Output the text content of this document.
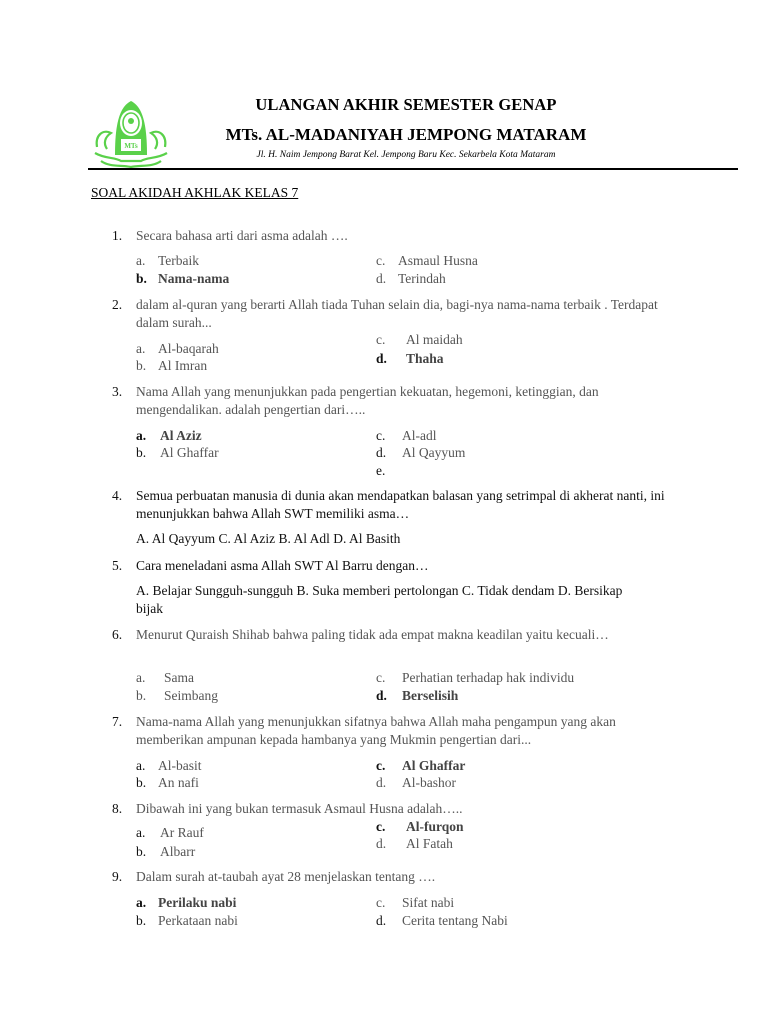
MTs
ULANGAN AKHIR SEMESTER GENAP
MTs. AL-MADANIYAH JEMPONG MATARAM
Jl. H. Naim Jempong Barat Kel. Jempong Baru Kec. Sekarbela Kota Mataram
SOAL AKIDAH AKHLAK KELAS 7
1.	Secara bahasa arti dari asma adalah ….
a. Terbaik
b. Nama-nama
c. Asmaul Husna
d. Terindah
2.	dalam al-quran yang berarti Allah tiada Tuhan selain dia, bagi-nya nama-nama terbaik . Terdapat dalam surah...
a. Al-baqarah
b. Al Imran
c. Al maidah
d. Thaha
3.	Nama Allah yang menunjukkan pada pengertian kekuatan, hegemoni, ketinggian, dan mengendalikan. adalah pengertian dari…..
a. Al Aziz
b. Al Ghaffar
c. Al-adl
d. Al Qayyum
e.
4.	Semua perbuatan manusia di dunia akan mendapatkan balasan yang setrimpal di akherat nanti, ini menunjukkan bahwa Allah SWT memiliki asma…
A. Al Qayyum C. Al Aziz B. Al Adl D. Al Basith
5.	Cara meneladani asma Allah SWT Al Barru dengan…
A. Belajar Sungguh-sungguh B. Suka memberi pertolongan C. Tidak dendam D. Bersikap bijak
6.	Menurut Quraish Shihab bahwa paling tidak ada empat makna keadilan yaitu kecuali…
a. Sama
b. Seimbang
c. Perhatian terhadap hak individu
d. Berselisih
7.	Nama-nama Allah yang menunjukkan sifatnya bahwa Allah maha pengampun yang akan memberikan ampunan kepada hambanya yang Mukmin pengertian dari...
a. Al-basit
b. An nafi
c. Al Ghaffar
d. Al-bashor
8.	Dibawah ini yang bukan termasuk Asmaul Husna adalah…..
a. Ar Rauf
b. Albarr
c. Al-furqon
d. Al Fatah
9.	Dalam surah at-taubah ayat 28 menjelaskan tentang ….
a. Perilaku nabi
b. Perkataan nabi
c. Sifat nabi
d. Cerita tentang Nabi
